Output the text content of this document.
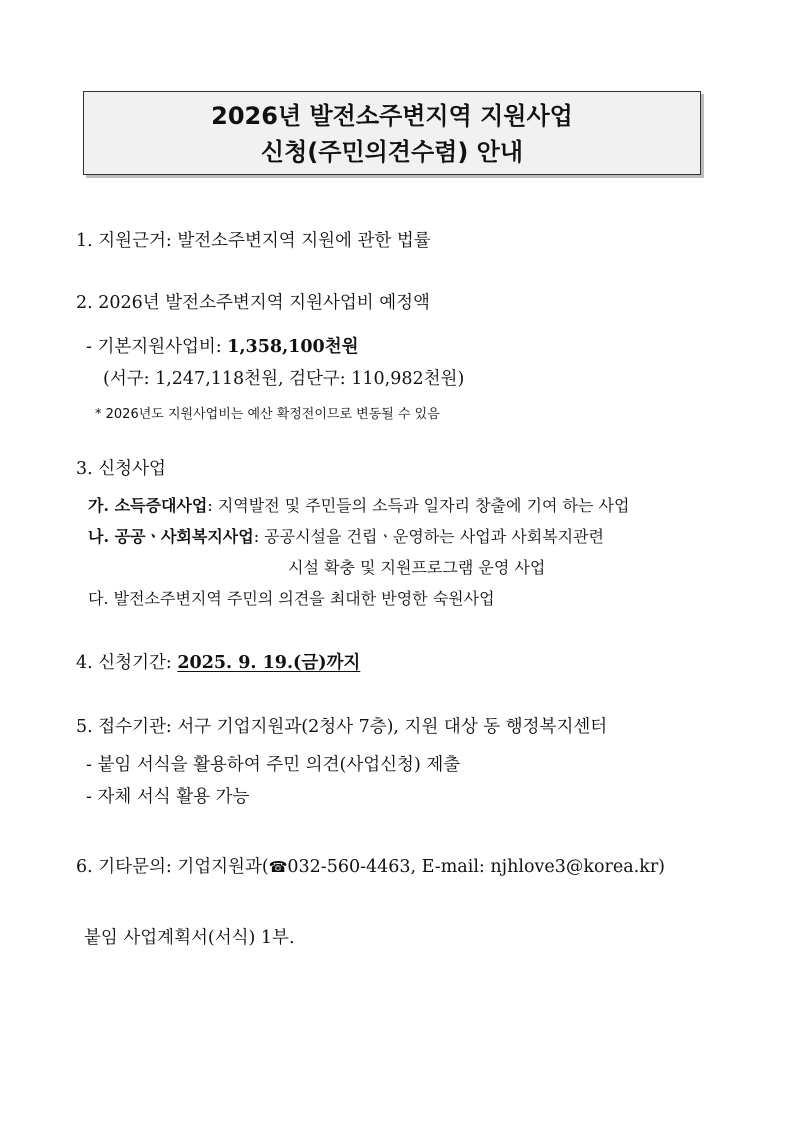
2026년 발전소주변지역 지원사업
신청(주민의견수렴) 안내
1. 지원근거: 발전소주변지역 지원에 관한 법률
2. 2026년 발전소주변지역 지원사업비 예정액
- 기본지원사업비: 1,358,100천원
(서구: 1,247,118천원, 검단구: 110,982천원)
* 2026년도 지원사업비는 예산 확정전이므로 변동될 수 있음
3. 신청사업
가. 소득증대사업: 지역발전 및 주민들의 소득과 일자리 창출에 기여 하는 사업
나. 공공ㆍ사회복지사업: 공공시설을 건립ㆍ운영하는 사업과 사회복지관련
시설 확충 및 지원프로그램 운영 사업
다. 발전소주변지역 주민의 의견을 최대한 반영한 숙원사업
4. 신청기간: 2025. 9. 19.(금)까지
5. 접수기관: 서구 기업지원과(2청사 7층), 지원 대상 동 행정복지센터
- 붙임 서식을 활용하여 주민 의견(사업신청) 제출
- 자체 서식 활용 가능
6. 기타문의: 기업지원과(☎032-560-4463, E-mail: njhlove3@korea.kr)
붙임 사업계획서(서식) 1부.
